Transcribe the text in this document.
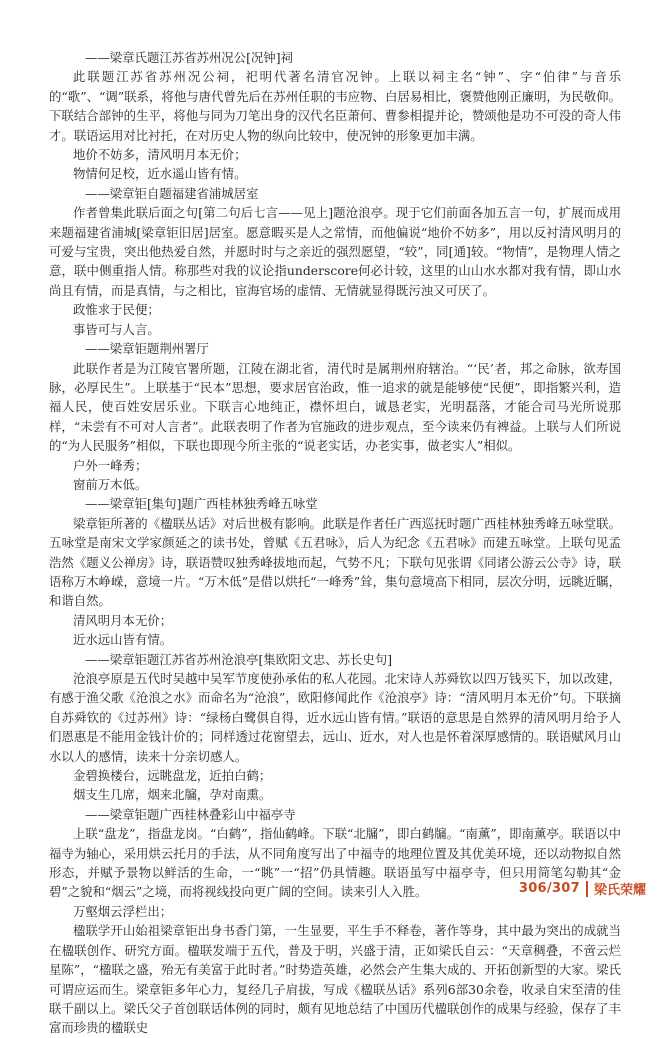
——梁章氏题江苏省苏州况公[况钟]祠

此联题江苏省苏州况公祠，祀明代著名清官况钟。上联以祠主名“钟”、字“伯律”与音乐的“歌”、“调”联系，将他与唐代曾先后在苏州任职的韦应物、白居易相比，褒赞他刚正廉明，为民敬仰。下联结合部钟的生平，将他与同为刀笔出身的汉代名臣萧何、曹参相提并论，赞颂他是功不可没的奇人伟才。联语运用对比衬托，在对历史人物的纵向比较中，使况钟的形象更加丰满。

地价不妨多，清风明月本无价；

物情何足校，近水遥山皆有情。

——梁章钜自题福建省浦城居室

作者曾集此联后面之句[第二句后七言——见上]题沧浪亭。现于它们前面各加五言一句，扩展而成用来题福建省浦城[梁章钜旧居]居室。愿意暇买是人之常情，而他偏说“地价不妨多”，用以反衬清风明月的可爱与宝贵，突出他热爱自然，并愿时时与之亲近的强烈愿望，“较”，同[通]较。“物情”，是物理人情之意，联中侧重指人情。称那些对我的议论指underscore何必计较，这里的山山水水都对我有情，即山水尚且有情，而是真情，与之相比，宦海官场的虚情、无情就显得既污浊又可厌了。

政惟求于民便；

事皆可与人言。

——梁章钜题荆州署厅

此联作者是为江陵官署所题，江陵在湖北省，清代时是属荆州府辖治。“‘民’者，邦之命脉，欲寿国脉，必厚民生”。上联基于“民本”思想，要求居官治政，惟一追求的就是能够使“民便”，即指繁兴利，造福人民，使百姓安居乐业。下联言心地纯正，襟怀坦白，诚恳老实，光明磊落，才能合司马光所说那样，“未尝有不可对人言者”。此联表明了作者为官施政的进步观点，至今读来仍有裨益。上联与人们所说的“为人民服务”相似，下联也即现今所主张的“说老实话，办老实事，做老实人”相似。

户外一峰秀；

窗前万木低。

——梁章钜[集句]题广西桂林独秀峰五咏堂

梁章钜所著的《楹联丛话》对后世极有影响。此联是作者任广西巡抚时题广西桂林独秀峰五咏堂联。五咏堂是南宋文学家颜延之的读书处，曾赋《五君咏》，后人为纪念《五君咏》而建五咏堂。上联句见孟浩然《题义公禅房》诗，联语赞叹独秀峰拔地而起，气势不凡；下联句见张谓《同诸公游云公寺》诗，联语称万木峥嵘，意境一片。“万木低”是借以烘托“一峰秀”耸，集句意境高下相同，层次分明，远眺近瞩，和谐自然。

清风明月本无价；

近水远山皆有情。

——梁章钜题江苏省苏州沧浪亭[集欧阳文忠、苏长史句]

沧浪亭原是五代时吴越中吴军节度使孙承佑的私人花园。北宋诗人苏舜钦以四万钱买下，加以改建，有感于渔父歌《沧浪之水》而命名为“沧浪”，欧阳修闻此作《沧浪亭》诗：“清风明月本无价”句。下联摘自苏舜钦的《过苏州》诗：“绿杨白鹭俱自得，近水远山皆有情。”联语的意思是自然界的清风明月给予人们恩惠是不能用金钱计价的；同样透过花窗望去，远山、近水，对人也是怀着深厚感情的。联语赋风月山水以人的感情，读来十分亲切感人。

金碧换楼台，远眺盘龙，近拍白鹤；

烟支生几席，烟来北牖，孕对南熏。

——梁章钜题广西桂林叠彩山中福亭寺

上联“盘龙”，指盘龙岗。“白鹤”，指仙鹤峰。下联“北牖”，即白鹤牖。“南薰”，即南薰亭。联语以中福寺为轴心，采用烘云托月的手法，从不同角度写出了中福寺的地理位置及其优美环境，还以动物拟自然形态，并赋予景物以鲜活的生命，一“眺”一“招”仍具情趣。联语虽写中福亭寺，但只用简笔勾勒其“金碧”之貌和“烟云”之境，而将视线投向更广阔的空间。读来引人入胜。

万壑烟云浮栏出；

楹联学开山始祖梁章钜出身书香门第，一生显要，平生手不释卷，著作等身，其中最为突出的成就当在楹联创作、研究方面。楹联发端于五代，普及于明，兴盛于清，正如梁氏自云：“天章稠叠，不啻云烂星陈”，“楹联之盛，殆无有美富于此时者。”时势造英雄，必然会产生集大成的、开拓创新型的大家。梁氏可谓应运而生。梁章钜多年心力，复经几子肩拔，写成《楹联丛话》系列6部30余卷，收录自宋至清的佳联千副以上。梁氏父子首创联话体例的同时，颇有见地总结了中国历代楹联创作的成果与经验，保存了丰富而珍贵的楹联史

306/307 梁氏荣耀
